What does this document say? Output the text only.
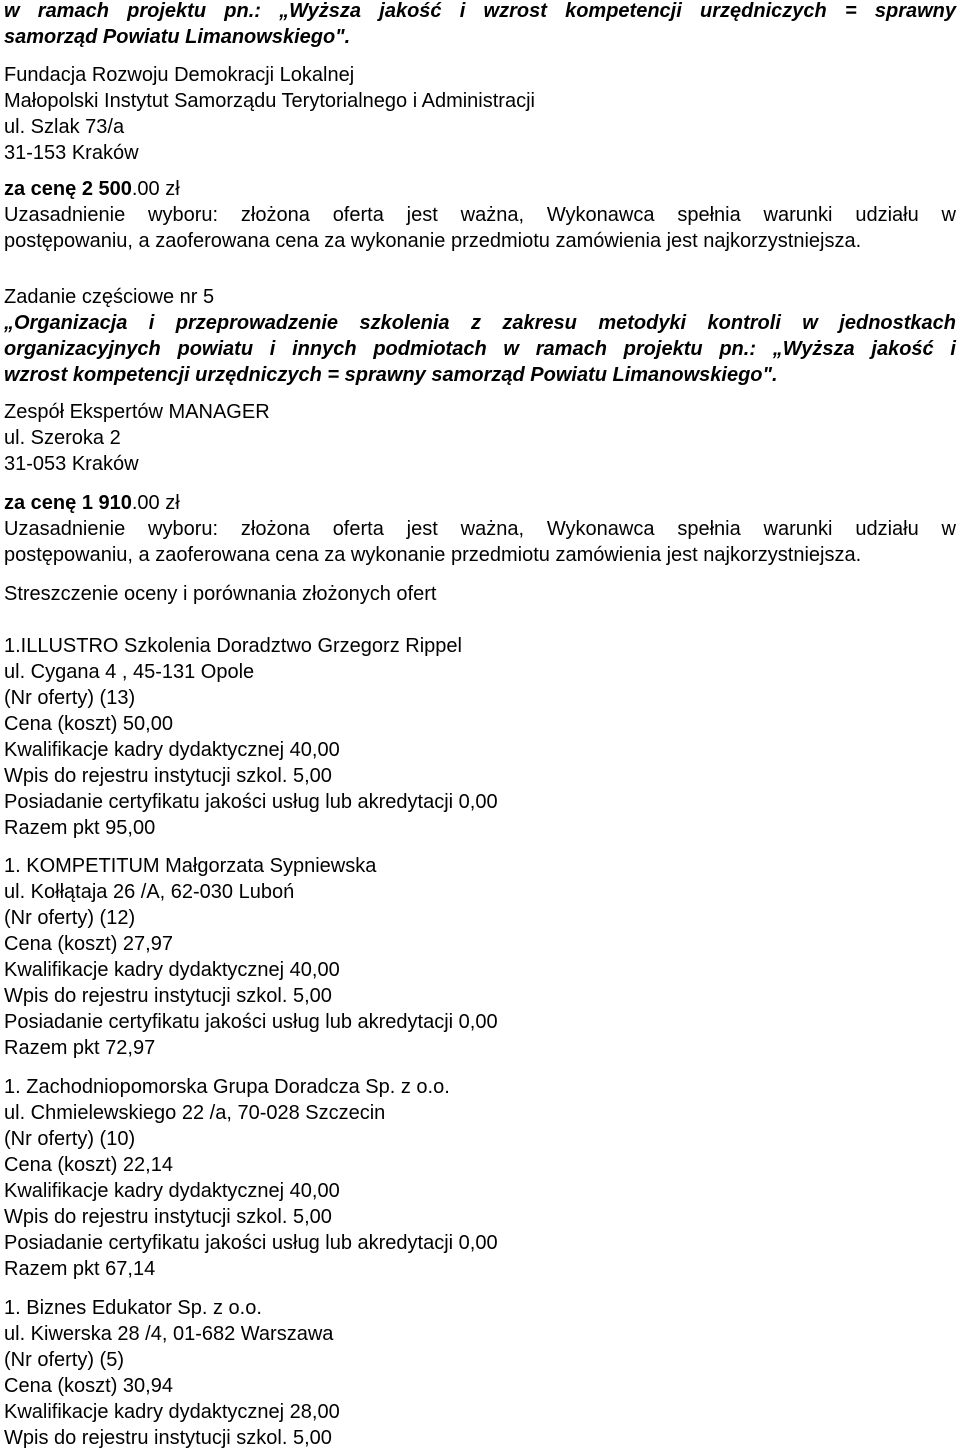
w ramach projektu pn.: „Wyższa jakość i wzrost kompetencji urzędniczych = sprawny
samorząd Powiatu Limanowskiego".
Fundacja Rozwoju Demokracji Lokalnej
Małopolski Instytut Samorządu Terytorialnego i Administracji
ul. Szlak 73/a
31-153 Kraków
za cenę 2 500.00 zł
Uzasadnienie wyboru: złożona oferta jest ważna, Wykonawca spełnia warunki udziału w
postępowaniu, a zaoferowana cena za wykonanie przedmiotu zamówienia jest najkorzystniejsza.
Zadanie częściowe nr 5
„Organizacja i przeprowadzenie szkolenia z zakresu metodyki kontroli w jednostkach
organizacyjnych powiatu i innych podmiotach w ramach projektu pn.: „Wyższa jakość i
wzrost kompetencji urzędniczych = sprawny samorząd Powiatu Limanowskiego".
Zespół Ekspertów MANAGER
ul. Szeroka 2
31-053 Kraków
za cenę 1 910.00 zł
Uzasadnienie wyboru: złożona oferta jest ważna, Wykonawca spełnia warunki udziału w
postępowaniu, a zaoferowana cena za wykonanie przedmiotu zamówienia jest najkorzystniejsza.
Streszczenie oceny i porównania złożonych ofert
1.ILLUSTRO Szkolenia Doradztwo Grzegorz Rippel
ul. Cygana 4 , 45-131 Opole
(Nr oferty) (13)
Cena (koszt) 50,00
Kwalifikacje kadry dydaktycznej 40,00
Wpis do rejestru instytucji szkol. 5,00
Posiadanie certyfikatu jakości usług lub akredytacji 0,00
Razem pkt 95,00
1. KOMPETITUM Małgorzata Sypniewska
ul. Kołłątaja 26 /A, 62-030 Luboń
(Nr oferty) (12)
Cena (koszt) 27,97
Kwalifikacje kadry dydaktycznej 40,00
Wpis do rejestru instytucji szkol. 5,00
Posiadanie certyfikatu jakości usług lub akredytacji 0,00
Razem pkt 72,97
1. Zachodniopomorska Grupa Doradcza Sp. z o.o.
ul. Chmielewskiego 22 /a, 70-028 Szczecin
(Nr oferty) (10)
Cena (koszt) 22,14
Kwalifikacje kadry dydaktycznej 40,00
Wpis do rejestru instytucji szkol. 5,00
Posiadanie certyfikatu jakości usług lub akredytacji 0,00
Razem pkt 67,14
1. Biznes Edukator Sp. z o.o.
ul. Kiwerska 28 /4, 01-682 Warszawa
(Nr oferty) (5)
Cena (koszt) 30,94
Kwalifikacje kadry dydaktycznej 28,00
Wpis do rejestru instytucji szkol. 5,00
